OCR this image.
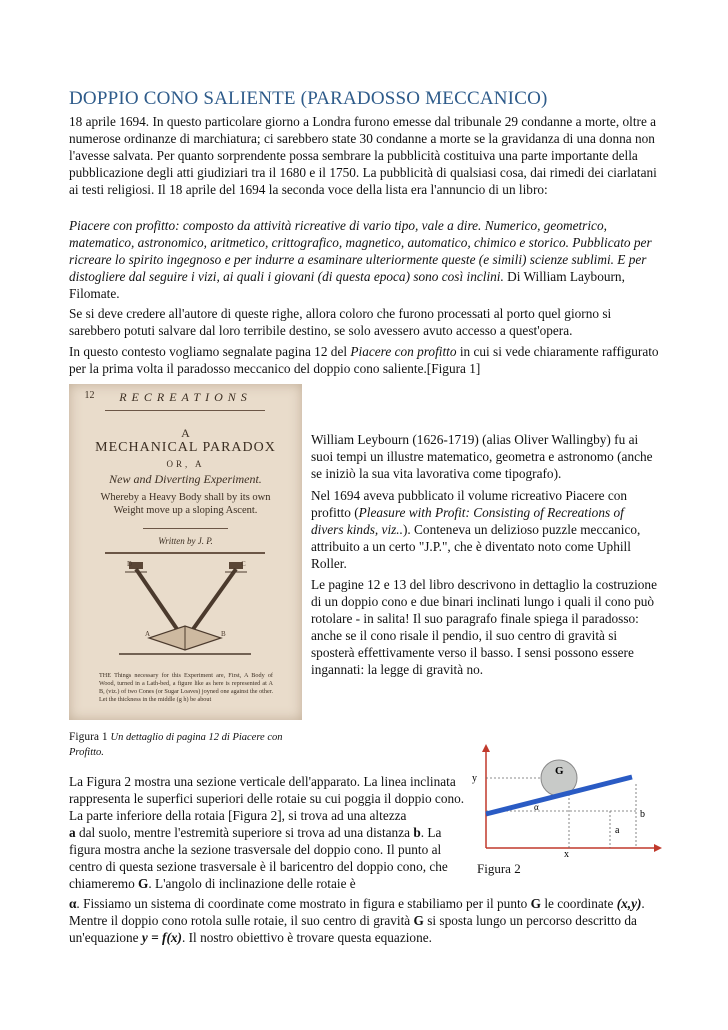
DOPPIO CONO SALIENTE (PARADOSSO MECCANICO)

18 aprile 1694. In questo particolare giorno a Londra furono emesse dal tribunale 29 condanne a morte, oltre a numerose ordinanze di marchiatura; ci sarebbero state 30 condanne a morte se la gravidanza di una donna non l'avesse salvata. Per quanto sorprendente possa sembrare la pubblicità costituiva una parte importante della pubblicazione degli atti giudiziari tra il 1680 e il 1750. La pubblicità di qualsiasi cosa, dai rimedi dei ciarlatani ai testi religiosi. Il 18 aprile del 1694 la seconda voce della lista era l'annuncio di un libro:

Piacere con profitto: composto da attività ricreative di vario tipo, vale a dire. Numerico, geometrico, matematico, astronomico, aritmetico, crittografico, magnetico, automatico, chimico e storico. Pubblicato per ricreare lo spirito ingegnoso e per indurre a esaminare ulteriormente queste (e simili) scienze sublimi. E per distogliere dal seguire i vizi, ai quali i giovani (di questa epoca) sono così inclini. Di William Laybourn, Filomate.

Se si deve credere all'autore di queste righe, allora coloro che furono processati al porto quel giorno si sarebbero potuti salvare dal loro terribile destino, se solo avessero avuto accesso a quest'opera.

In questo contesto vogliamo segnalate pagina 12 del Piacere con profitto in cui si vede chiaramente raffigurato per la prima volta il paradosso meccanico del doppio cono saliente.[Figura 1]

12	RECREATIONS
A
MECHANICAL PARADOX
OR, A
New and Diverting Experiment.
Whereby a Heavy Body shall by its own
Weight move up a sloping Ascent.
Written by J. P.
D	C
A	B
THE Things necessary for this Experiment are, First, A Body of Wood, turned in a Lath-bed, a figure like as here is represented at A B, (viz.) of two Cones (or Sugar Loaves) joyned one against the other. Let the thickness in the middle (g h) be about
Figura 1 Un dettaglio di pagina 12 di Piacere con Profitto.

William Leybourn (1626-1719) (alias Oliver Wallingby) fu ai suoi tempi un illustre matematico, geometra e astronomo (anche se iniziò la sua vita lavorativa come tipografo).

Nel 1694 aveva pubblicato il volume ricreativo Piacere con profitto (Pleasure with Profit: Consisting of Recreations of divers kinds, viz..). Conteneva un delizioso puzzle meccanico, attribuito a un certo "J.P.", che è diventato noto come Uphill Roller.

Le pagine 12 e 13 del libro descrivono in dettaglio la costruzione di un doppio cono e due binari inclinati lungo i quali il cono può rotolare - in salita! Il suo paragrafo finale spiega il paradosso: anche se il cono risale il pendio, il suo centro di gravità si sposterà effettivamente verso il basso. I sensi possono essere ingannati: la legge di gravità no.

y
G
α
b
a
x
Figura 2

La Figura 2 mostra una sezione verticale dell'apparato. La linea inclinata rappresenta le superfici superiori delle rotaie su cui poggia il doppio cono. La parte inferiore della rotaia [Figura 2], si trova ad una altezza

a dal suolo, mentre l'estremità superiore si trova ad una distanza b. La figura mostra anche la sezione trasversale del doppio cono. Il punto al centro di questa sezione trasversale è il baricentro del doppio cono, che chiameremo G. L'angolo di inclinazione delle rotaie è

α. Fissiamo un sistema di coordinate come mostrato in figura e stabiliamo per il punto G le coordinate (x,y). Mentre il doppio cono rotola sulle rotaie, il suo centro di gravità G si sposta lungo un percorso descritto da un'equazione y = f(x). Il nostro obiettivo è trovare questa equazione.
